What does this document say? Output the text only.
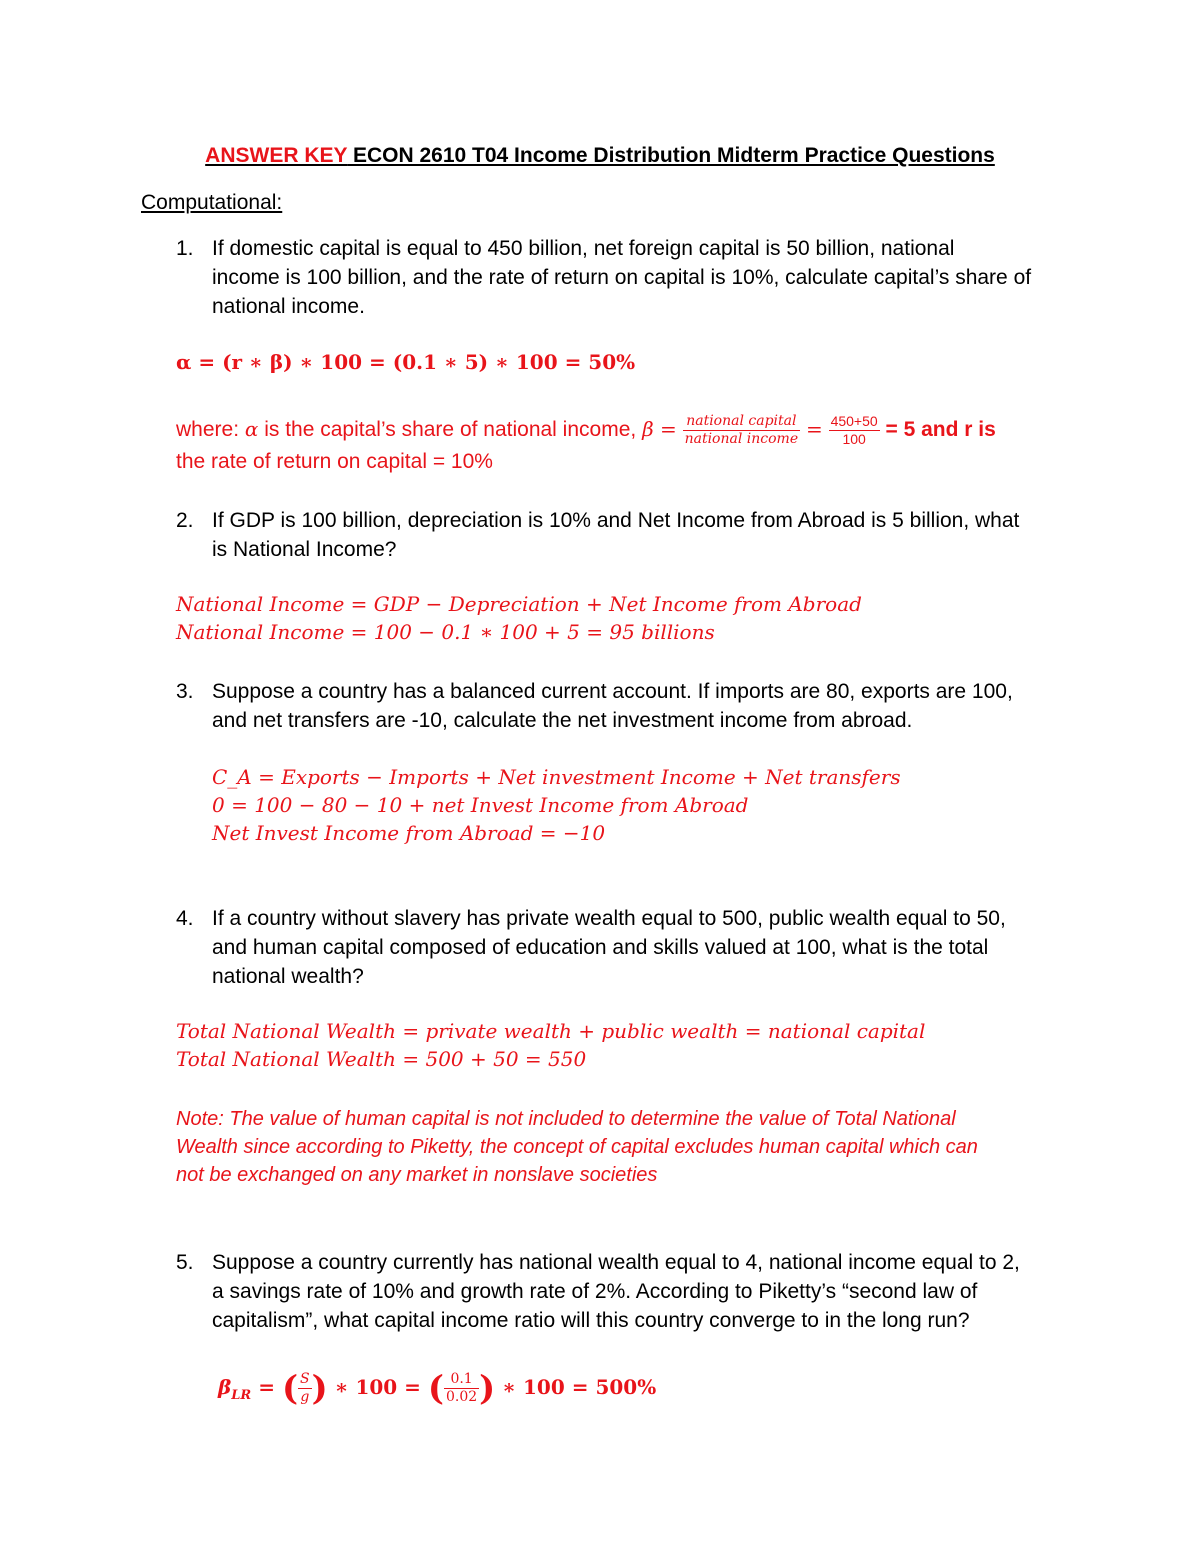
ANSWER KEY ECON 2610 T04 Income Distribution Midterm Practice Questions
Computational:
1. If domestic capital is equal to 450 billion, net foreign capital is 50 billion, national
income is 100 billion, and the rate of return on capital is 10%, calculate capital’s share of
national income.
α = (r ∗ β) ∗ 100 = (0.1 ∗ 5) ∗ 100 = 50%
where: α is the capital’s share of national income, $\beta = \frac{\text{national capital}}{\text{national income}} = \frac{450+50}{100} = 5$ and r is
the rate of return on capital = 10%
2. If GDP is 100 billion, depreciation is 10% and Net Income from Abroad is 5 billion, what
is National Income?
National Income = GDP − Depreciation + Net Income from Abroad
National Income = 100 − 0.1 ∗ 100 + 5 = 95 billions
3. Suppose a country has a balanced current account. If imports are 80, exports are 100,
and net transfers are -10, calculate the net investment income from abroad.
C_A = Exports − Imports + Net investment Income + Net transfers
0 = 100 − 80 − 10 + net Invest Income from Abroad
Net Invest Income from Abroad = −10
4. If a country without slavery has private wealth equal to 500, public wealth equal to 50,
and human capital composed of education and skills valued at 100, what is the total
national wealth?
Total National Wealth = private wealth + public wealth = national capital
Total National Wealth = 500 + 50 = 550
Note: The value of human capital is not included to determine the value of Total National
Wealth since according to Piketty, the concept of capital excludes human capital which can
not be exchanged on any market in nonslave societies
5. Suppose a country currently has national wealth equal to 4, national income equal to 2,
a savings rate of 10% and growth rate of 2%. According to Piketty’s “second law of
capitalism”, what capital income ratio will this country converge to in the long run?
$\beta_{LR}$ = ( $\frac{S}{g}$ ) ∗ 100 = ( $\frac{0.1}{0.02}$ ) ∗ 100 = 500%
